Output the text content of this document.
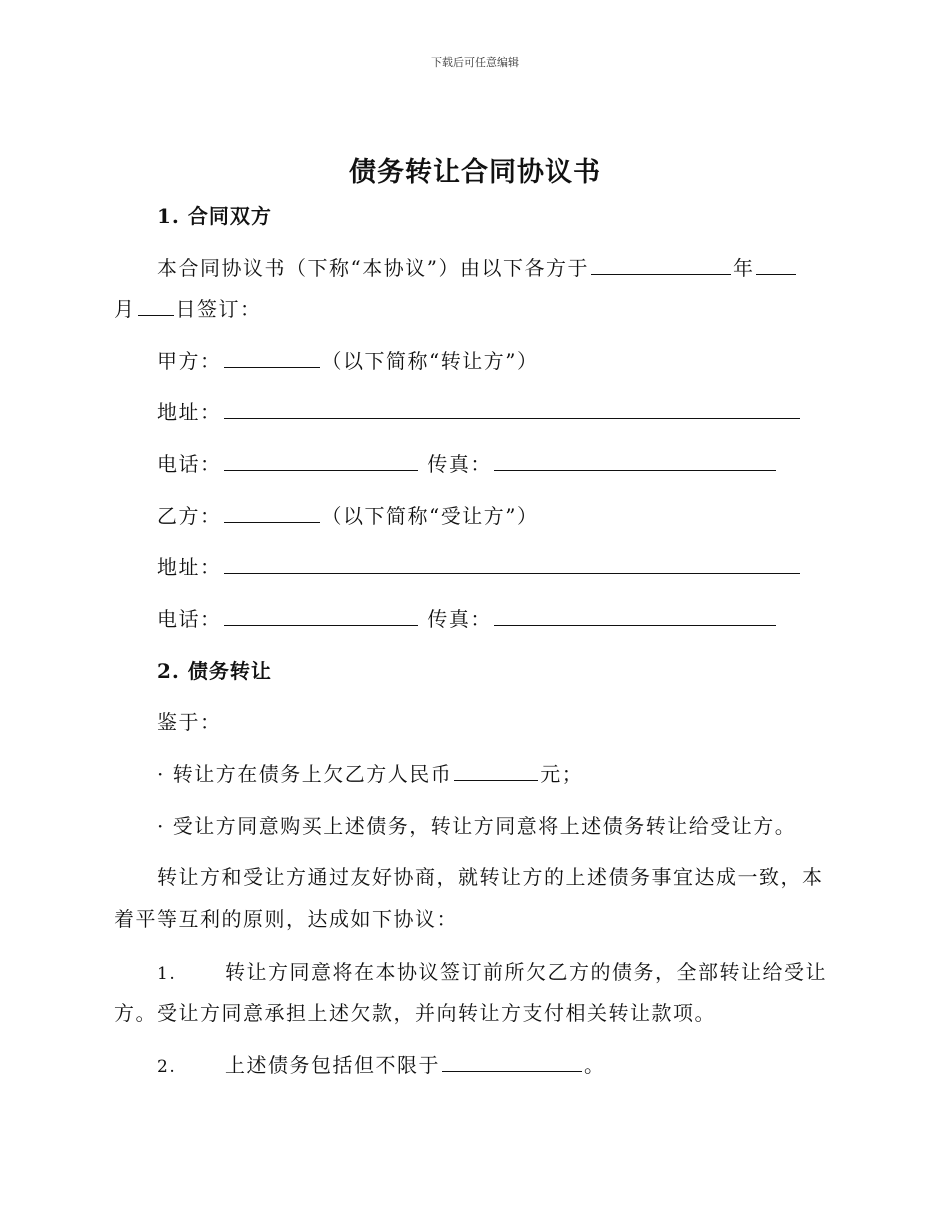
下载后可任意编辑
债务转让合同协议书
1. 合同双方
本合同协议书（下称“本协议”）由以下各方于	年
月 日签订：
甲方：	（以下简称“转让方”）
地址：
电话：	传真：
乙方：	（以下简称“受让方”）
地址：
电话：	传真：
2. 债务转让
鉴于：
· 转让方在债务上欠乙方人民币	元；
· 受让方同意购买上述债务，转让方同意将上述债务转让给受让方。
转让方和受让方通过友好协商，就转让方的上述债务事宜达成一致，本
着平等互利的原则，达成如下协议：
1. 转让方同意将在本协议签订前所欠乙方的债务，全部转让给受让
方。受让方同意承担上述欠款，并向转让方支付相关转让款项。
2. 上述债务包括但不限于	。
